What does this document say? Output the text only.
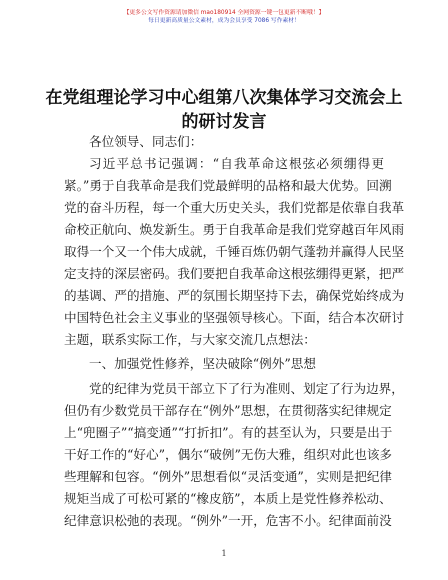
【更多公文写作资源请加微信 mao180914 全网资源一键一包更新不断哦！】
每日更新高质量公文素材，成为会员享受 7086 写作素材！
在党组理论学习中心组第八次集体学习交流会上的研讨发言
各位领导、同志们：
习近平总书记强调：“自我革命这根弦必须绷得更
紧。”勇于自我革命是我们党最鲜明的品格和最大优势。回溯
党的奋斗历程，每一个重大历史关头，我们党都是依靠自我革
命校正航向、焕发新生。勇于自我革命是我们党穿越百年风雨
取得一个又一个伟大成就，千锤百炼仍朝气蓬勃并赢得人民坚
定支持的深层密码。我们要把自我革命这根弦绷得更紧，把严
的基调、严的措施、严的氛围长期坚持下去，确保党始终成为
中国特色社会主义事业的坚强领导核心。下面，结合本次研讨
主题，联系实际工作，与大家交流几点想法：
一、加强党性修养，坚决破除“例外”思想
党的纪律为党员干部立下了行为准则、划定了行为边界，
但仍有少数党员干部存在“例外”思想，在贯彻落实纪律规定
上“兜圈子”“搞变通”“打折扣”。有的甚至认为，只要是出于
干好工作的“好心”，偶尔“破例”无伤大雅，组织对此也该多
些理解和包容。“例外”思想看似“灵活变通”，实则是把纪律
规矩当成了可松可紧的“橡皮筋”，本质上是党性修养松动、
纪律意识松弛的表现。“例外”一开，危害不小。纪律面前没
1
